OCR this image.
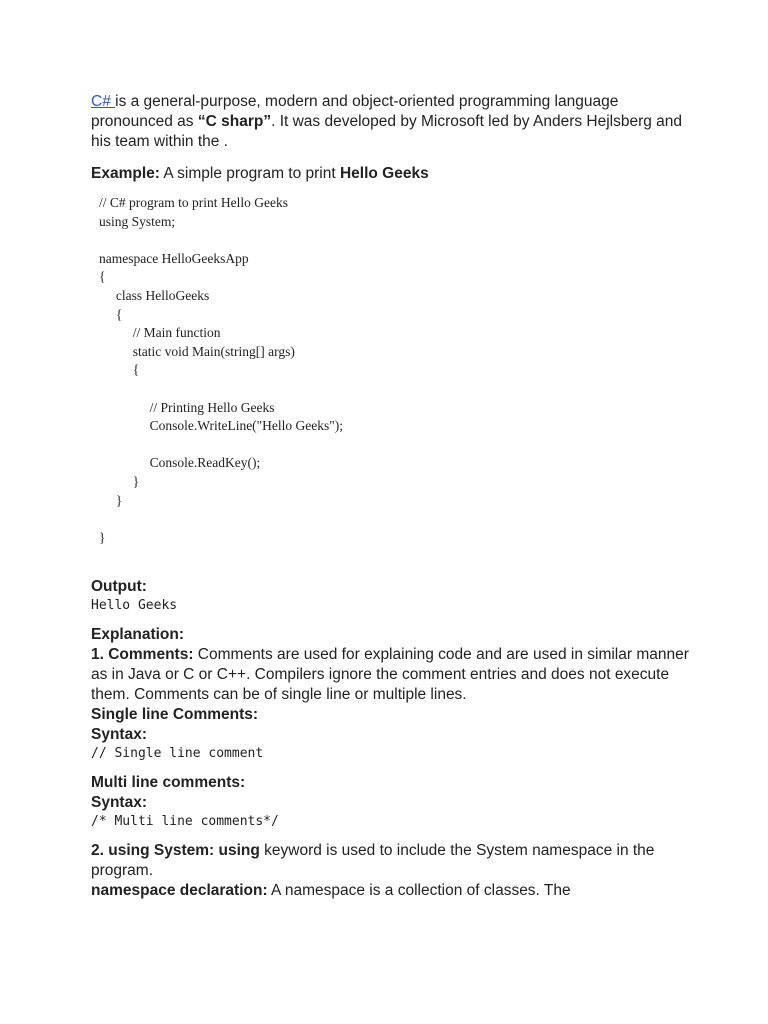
C# is a general-purpose, modern and object-oriented programming language pronounced as “C sharp”. It was developed by Microsoft led by Anders Hejlsberg and his team within the .

Example: A simple program to print Hello Geeks
// C# program to print Hello Geeks
using System;

namespace HelloGeeksApp
{
class HelloGeeks
{
// Main function
static void Main(string[] args)
{

// Printing Hello Geeks
Console.WriteLine("Hello Geeks");

Console.ReadKey();
}
}

}
Output:
Hello Geeks
Explanation:
1. Comments: Comments are used for explaining code and are used in similar manner as in Java or C or C++. Compilers ignore the comment entries and does not execute them. Comments can be of single line or multiple lines.
Single line Comments:
Syntax:
// Single line comment
Multi line comments:
Syntax:
/* Multi line comments*/
2. using System: using keyword is used to include the System namespace in the program.
namespace declaration: A namespace is a collection of classes. The
